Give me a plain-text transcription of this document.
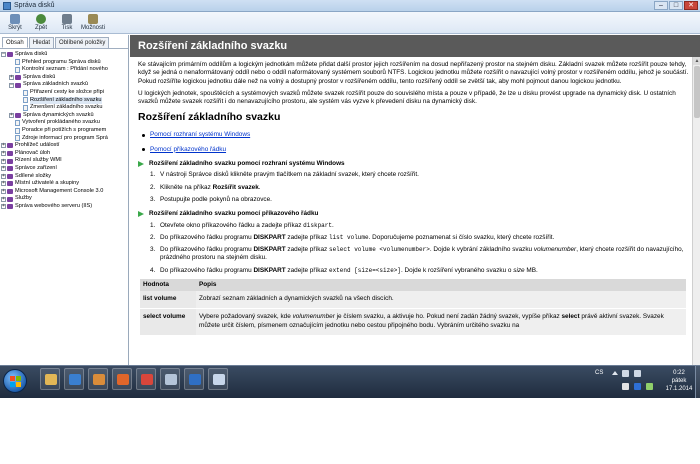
Správa disků	–	□	✕
Skrýt Zpět Tisk Možnosti
Obsah	Hledat	Oblíbené položky
– Správa disků
Přehled programu Správa disků
Kontrolní seznam : Přidání nového
+ Správa disků
– Správa základních svazků
Přiřazení cesty ke složce připi
Rozšíření základního svazku
Zmenšení základního svazku
+ Správa dynamických svazků
Vytvoření prokládaného svazku
Poradce při potížích s programem
Zdroje informací pro program Sprá
+ Prohlížeč událostí
+ Plánovač úloh
+ Řízení služby WMI
+ Správce zařízení
+ Sdílené složky
+ Místní uživatelé a skupiny
+ Microsoft Management Console 3.0
+ Služby
+ Správa webového serveru (IIS)
Rozšíření základního svazku

Ke stávajícím primárním oddílům a logickým jednotkám můžete přidat další prostor jejich rozšířením na dosud nepřiřazený prostor na stejném disku. Základní svazek můžete rozšířit pouze tehdy, když se jedná o nenaformátovaný oddíl nebo o oddíl naformátovaný systémem souborů NTFS. Logickou jednotku můžete rozšířit o navazující volný prostor v rozšířeném oddílu, jehož je součástí. Pokud rozšíříte logickou jednotku dále než na volný a dostupný prostor v rozšířeném oddílu, tento rozšířený oddíl se zvětší tak, aby mohl pojmout danou logickou jednotku.

U logických jednotek, spouštěcích a systémových svazků můžete svazek rozšířit pouze do souvislého místa a pouze v případě, že lze u disku provést upgrade na dynamický disk. U ostatních svazků můžete svazek rozšířit i do nenavazujícího prostoru, ale systém vás vyzve k převedení disku na dynamický disk.

Rozšíření základního svazku
Pomocí rozhraní systému Windows
Pomocí příkazového řádku
Rozšíření základního svazku pomocí rozhraní systému Windows
1. V nástroji Správce disků klikněte pravým tlačítkem na základní svazek, který chcete rozšířit.
2. Klikněte na příkaz Rozšířit svazek.
3. Postupujte podle pokynů na obrazovce.
Rozšíření základního svazku pomocí příkazového řádku
1. Otevřete okno příkazového řádku a zadejte příkaz diskpart.
2. Do příkazového řádku programu DISKPART zadejte příkaz list volume. Doporučujeme poznamenat si číslo svazku, který chcete rozšířit.
3. Do příkazového řádku programu DISKPART zadejte příkaz select volume <volumenumber>. Dojde k vybrání základního svazku volumenumber, který chcete rozšířit do navazujícího, prázdného prostoru na stejném disku.
4. Do příkazového řádku programu DISKPART zadejte příkaz extend [size=<size>]. Dojde k rozšíření vybraného svazku o size MB.
Hodnota	Popis
list volume	Zobrazí seznam základních a dynamických svazků na všech discích.
select volume	Vybere požadovaný svazek, kde volumenumber je číslem svazku, a aktivuje ho. Pokud není zadán žádný svazek, vypíše příkaz select právě aktivní svazek. Svazek můžete určit číslem, písmenem označujícím jednotku nebo cestou připojného bodu. Vybráním určitého svazku na
▲
CS	0:22
pátek
17.1.2014
